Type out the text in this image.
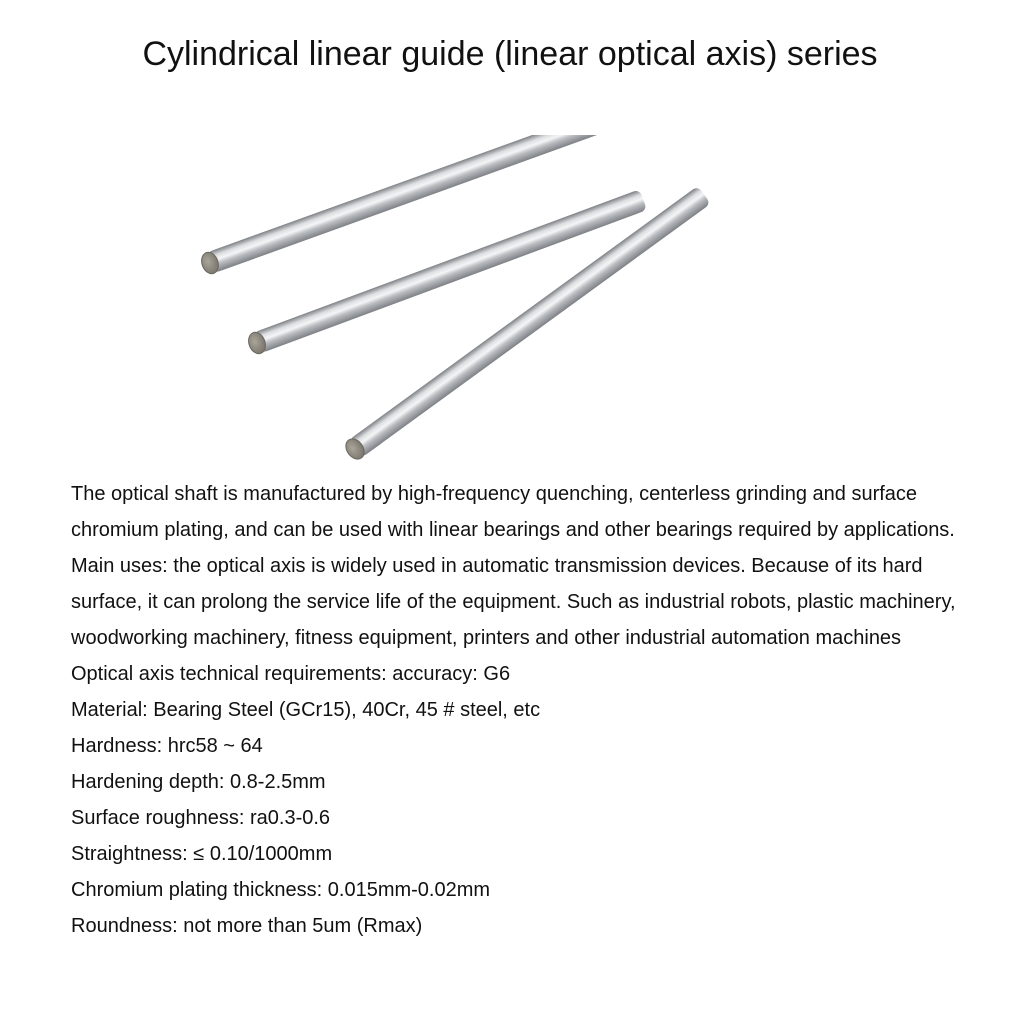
Cylindrical linear guide (linear optical axis) series

The optical shaft is manufactured by high-frequency quenching, centerless grinding and surface chromium plating, and can be used with linear bearings and other bearings required by applications.

Main uses: the optical axis is widely used in automatic transmission devices. Because of its hard surface, it can prolong the service life of the equipment. Such as industrial robots, plastic machinery, woodworking machinery, fitness equipment, printers and other industrial automation machines

Optical axis technical requirements: accuracy: G6

Material: Bearing Steel (GCr15), 40Cr, 45 # steel, etc

Hardness: hrc58 ~ 64

Hardening depth: 0.8-2.5mm

Surface roughness: ra0.3-0.6

Straightness: ≤ 0.10/1000mm

Chromium plating thickness: 0.015mm-0.02mm

Roundness: not more than 5um (Rmax)
